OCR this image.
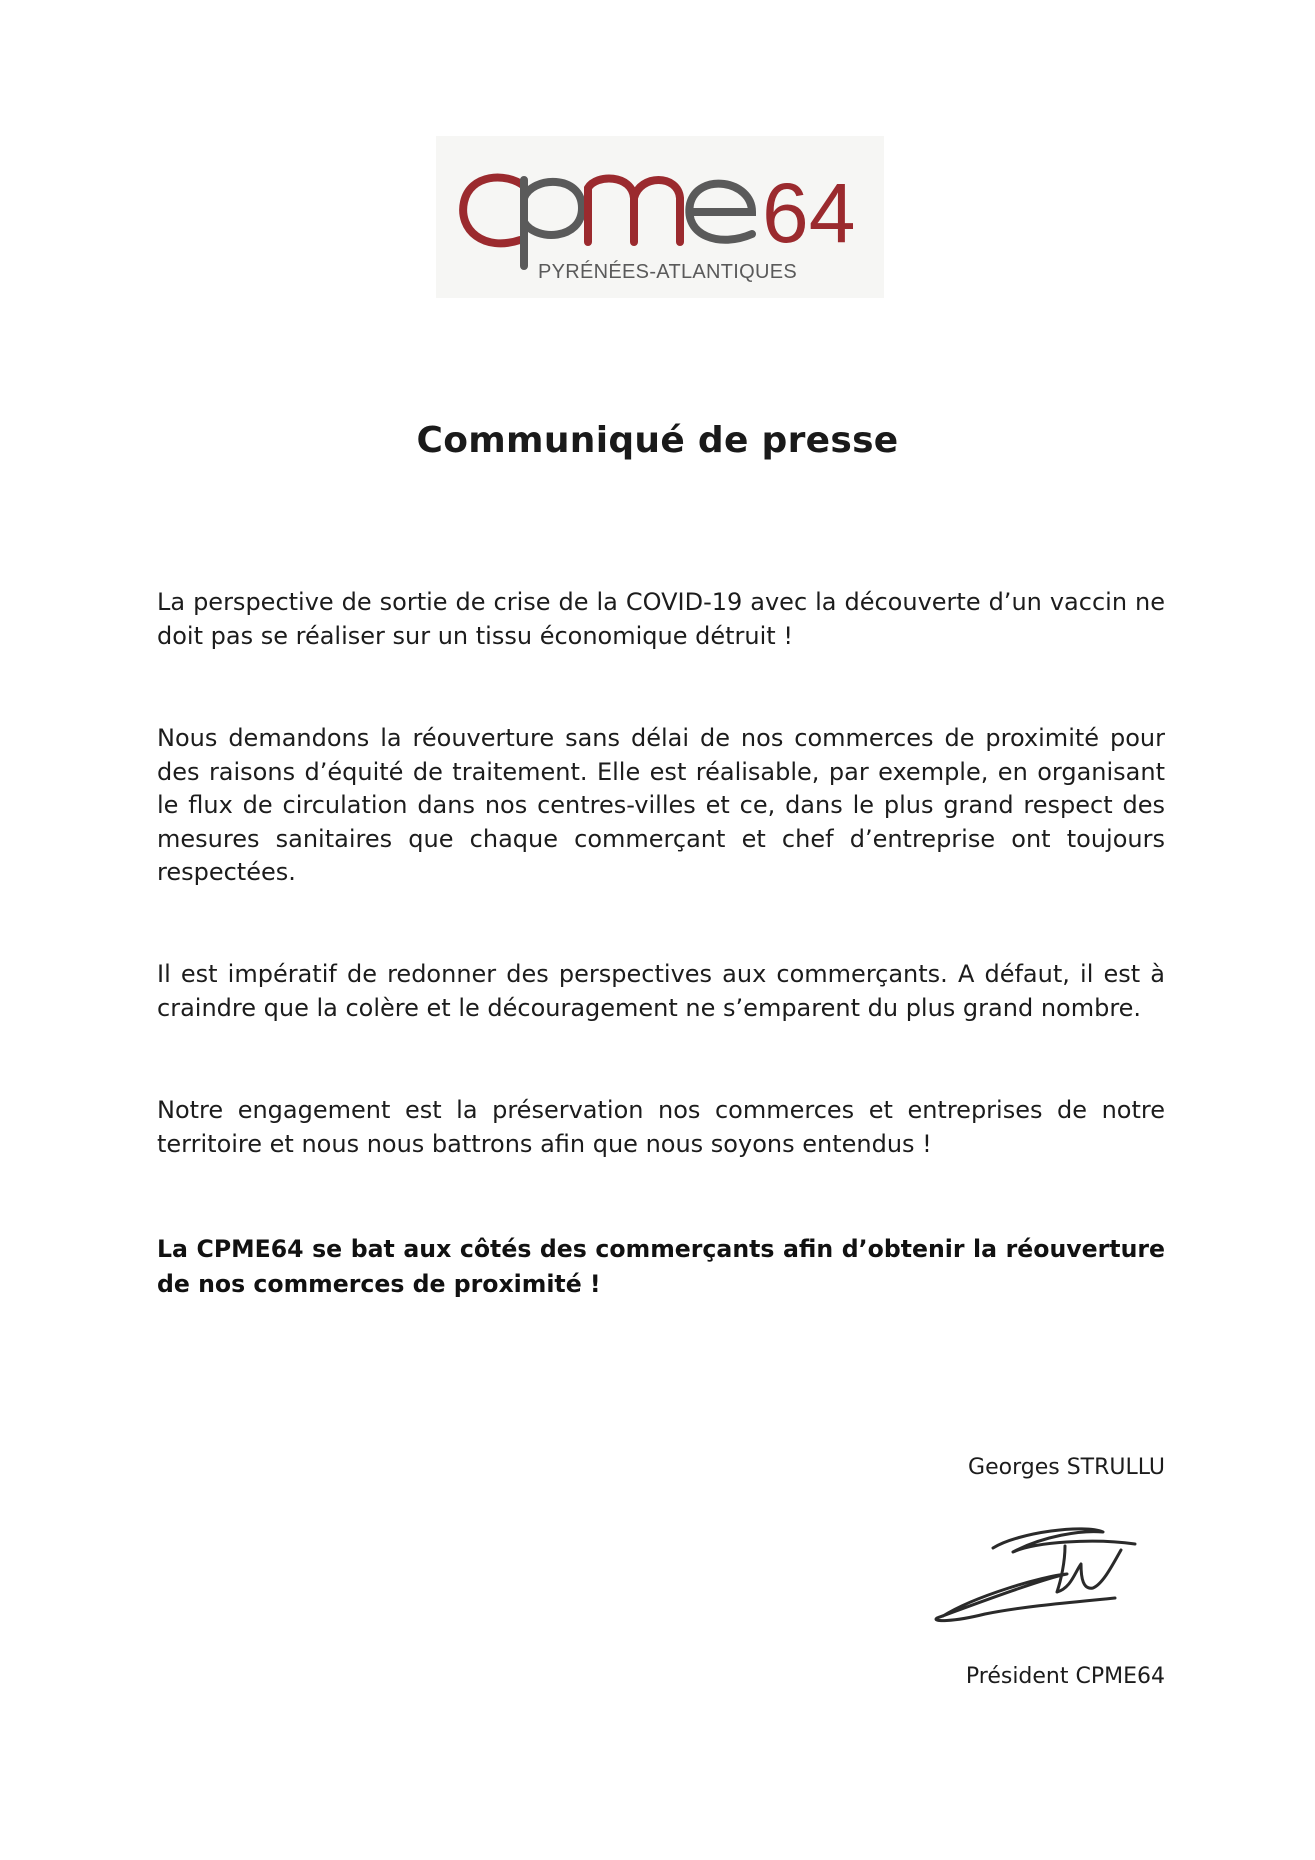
64
PYRÉNÉES-ATLANTIQUES
Communiqué de presse

La perspective de sortie de crise de la COVID-19 avec la découverte d’un vaccin ne doit pas se réaliser sur un tissu économique détruit !

Nous demandons la réouverture sans délai de nos commerces de proximité pour des raisons d’équité de traitement. Elle est réalisable, par exemple, en organisant le flux de circulation dans nos centres-villes et ce, dans le plus grand respect des mesures sanitaires que chaque commerçant et chef d’entreprise ont toujours respectées.

Il est impératif de redonner des perspectives aux commerçants. A défaut, il est à craindre que la colère et le découragement ne s’emparent du plus grand nombre.

Notre engagement est la préservation nos commerces et entreprises de notre territoire et nous nous battrons afin que nous soyons entendus !

La CPME64 se bat aux côtés des commerçants afin d’obtenir la réouverture de nos commerces de proximité !

Georges STRULLU
Président CPME64
